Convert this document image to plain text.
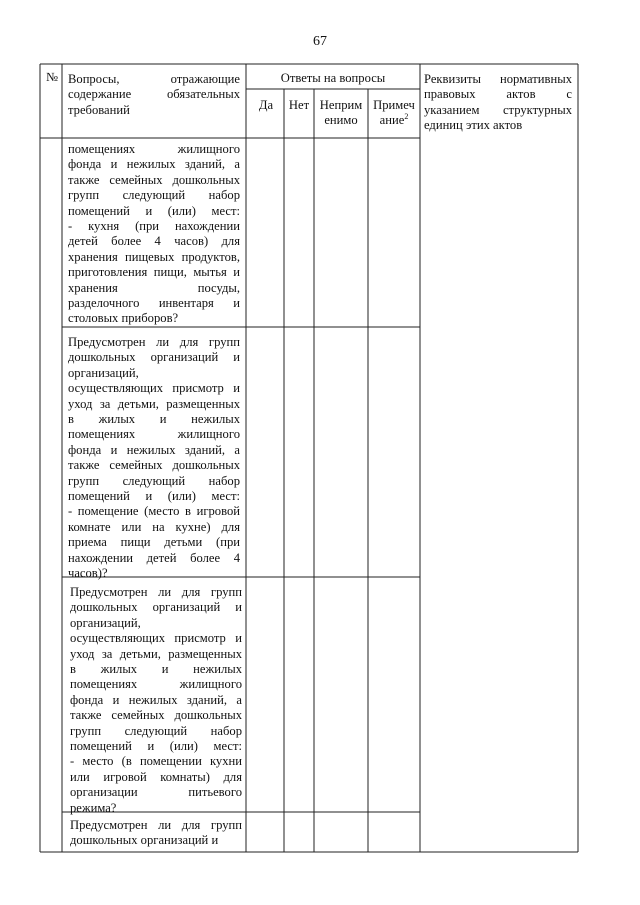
67
№ Вопросы, отражающие содержание обязательных требований
Ответы на вопросы
Да	Нет Неприм
енимо
Примеч
ание$^2$
Реквизиты нормативных правовых актов с указанием структурных единиц этих актов
помещениях жилищного
фонда и нежилых зданий, а
также семейных дошкольных
групп следующий набор
помещений и (или) мест:
- кухня (при нахождении
детей более 4 часов) для
хранения пищевых продуктов,
приготовления пищи, мытья и
хранения посуды,
разделочного инвентаря и
столовых приборов?
Предусмотрен ли для групп
дошкольных организаций и
организаций,
осуществляющих присмотр и
уход за детьми, размещенных
в жилых и нежилых
помещениях жилищного
фонда и нежилых зданий, а
также семейных дошкольных
групп следующий набор
помещений и (или) мест:
- помещение (место в игровой
комнате или на кухне) для
приема пищи детьми (при
нахождении детей более 4
часов)?
Предусмотрен ли для групп
дошкольных организаций и
организаций,
осуществляющих присмотр и
уход за детьми, размещенных
в жилых и нежилых
помещениях жилищного
фонда и нежилых зданий, а
также семейных дошкольных
групп следующий набор
помещений и (или) мест:
- место (в помещении кухни
или игровой комнаты) для
организации питьевого
режима?
Предусмотрен ли для групп
дошкольных организаций и
